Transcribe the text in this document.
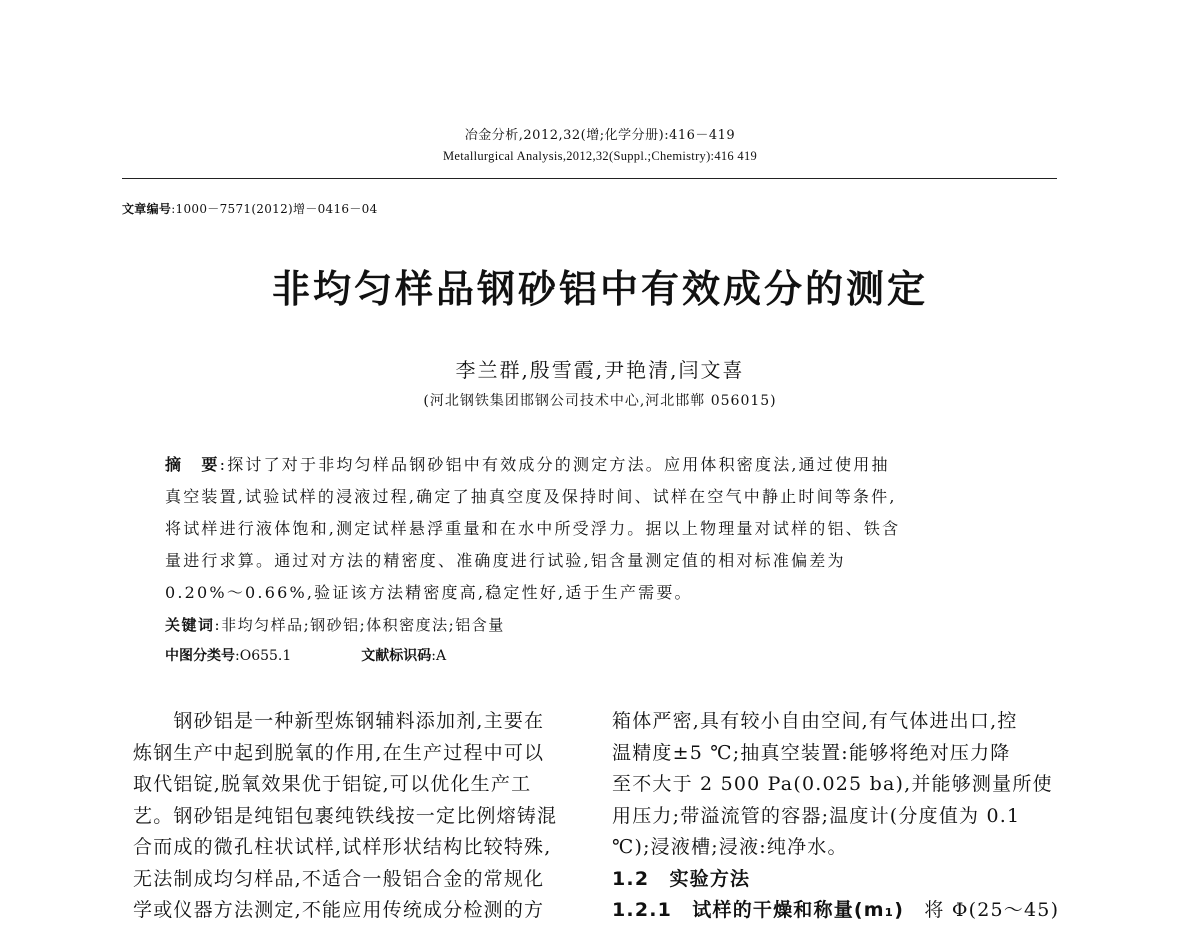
冶金分析,2012,32(增;化学分册):416－419
Metallurgical Analysis,2012,32(Suppl.;Chemistry):416 419
文章编号:1000－7571(2012)增－0416－04
非均匀样品钢砂铝中有效成分的测定
李兰群,殷雪霞,尹艳清,闫文喜
(河北钢铁集团邯钢公司技术中心,河北邯郸 056015)
摘　要:探讨了对于非均匀样品钢砂铝中有效成分的测定方法。应用体积密度法,通过使用抽
真空装置,试验试样的浸液过程,确定了抽真空度及保持时间、试样在空气中静止时间等条件,
将试样进行液体饱和,测定试样悬浮重量和在水中所受浮力。据以上物理量对试样的铝、铁含
量进行求算。通过对方法的精密度、准确度进行试验,铝含量测定值的相对标准偏差为
0.20%～0.66%,验证该方法精密度高,稳定性好,适于生产需要。
关键词:非均匀样品;钢砂铝;体积密度法;铝含量
中图分类号:O655.1	文献标识码:A
　　钢砂铝是一种新型炼钢辅料添加剂,主要在
炼钢生产中起到脱氧的作用,在生产过程中可以
取代铝锭,脱氧效果优于铝锭,可以优化生产工
艺。钢砂铝是纯铝包裹纯铁线按一定比例熔铸混
合而成的微孔柱状试样,试样形状结构比较特殊,
无法制成均匀样品,不适合一般铝合金的常规化
学或仪器方法测定,不能应用传统成分检测的方
箱体严密,具有较小自由空间,有气体进出口,控
温精度±5 ℃;抽真空装置:能够将绝对压力降
至不大于 2 500 Pa(0.025 ba),并能够测量所使
用压力;带溢流管的容器;温度计(分度值为 0.1
℃);浸液槽;浸液:纯净水。
1.2　实验方法
1.2.1　试样的干燥和称量(m₁)　将 Φ(25～45)
